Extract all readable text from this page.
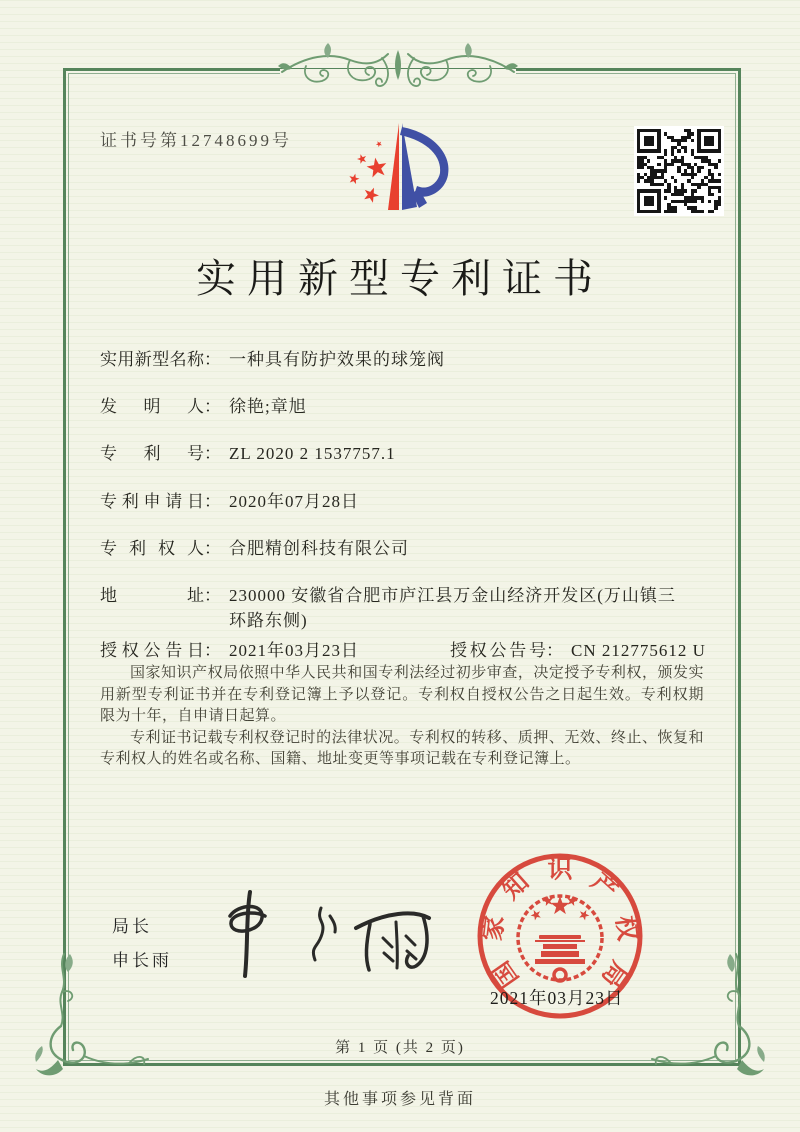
证书号第12748699号
实用新型专利证书
实用新型名称： 一种具有防护效果的球笼阀
发明人： 徐艳;章旭
专利号： ZL 2020 2 1537757.1
专利申请日： 2020年07月28日
专利权人： 合肥精创科技有限公司
地址 ： 230000 安徽省合肥市庐江县万金山经济开发区(万山镇三环路东侧)
授权公告日： 2021年03月23日	授权公告号： CN 212775612 U

国家知识产权局依照中华人民共和国专利法经过初步审查，决定授予专利权，颁发实用新型专利证书并在专利登记簿上予以登记。专利权自授权公告之日起生效。专利权期限为十年，自申请日起算。

专利证书记载专利权登记时的法律状况。专利权的转移、质押、无效、终止、恢复和专利权人的姓名或名称、国籍、地址变更等事项记载在专利登记簿上。

局长
申长雨	国
家
知 识 产
权
局
2021年03月23日
第 1 页 (共 2 页)
其他事项参见背面
